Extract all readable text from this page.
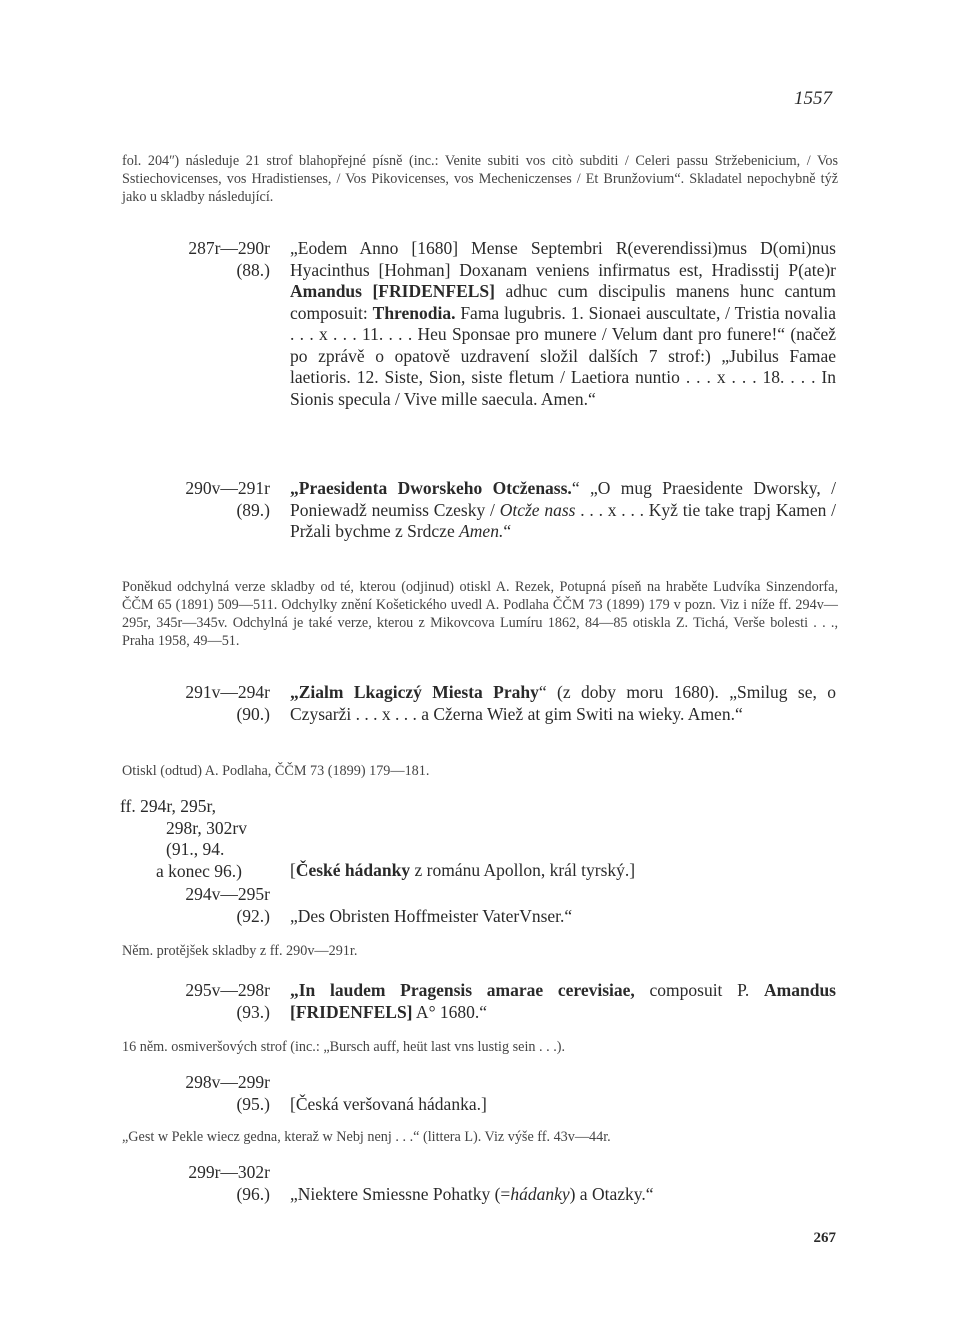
1557
fol. 204ʺ) následuje 21 strof blahopřejné písně (inc.: Venite subiti vos citò subditi / Celeri passu Stržebenicium, / Vos Sstiechovicenses, vos Hradistienses, / Vos Pikovicenses, vos Mecheniczenses / Et Brunžovium“. Skladatel nepochybně týž jako u skladby následující.
287r—290r
(88.)
„Eodem Anno [1680] Mense Septembri R(everendissi)mus D(omi)nus Hyacinthus [Hohman] Doxanam veniens infirmatus est, Hradisstij P(ate)r Amandus [FRIDENFELS] adhuc cum discipulis manens hunc cantum composuit: Threnodia. Fama lugubris. 1. Sionaei auscultate, / Tristia novalia . . . x . . . 11. . . . Heu Sponsae pro munere / Velum dant pro funere!“ (načež po zprávě o opatově uzdravení složil dalších 7 strof:) „Jubilus Famae laetioris. 12. Siste, Sion, siste fletum / Laetiora nuntio . . . x . . . 18. . . . In Sionis specula / Vive mille saecula. Amen.“
290v—291r
(89.)
„Praesidenta Dworskeho Otcženass.“ „O mug Praesidente Dworsky, / Poniewadž neumiss Czesky / Otcže nass . . . x . . . Kyž tie take trapj Kamen / Pržali bychme z Srdcze Amen.“
Poněkud odchylná verze skladby od té, kterou (odjinud) otiskl A. Rezek, Potupná píseň na hraběte Ludvíka Sinzendorfa, ČČM 65 (1891) 509—511. Odchylky znění Košetického uvedl A. Podlaha ČČM 73 (1899) 179 v pozn. Viz i níže ff. 294v—295r, 345r—345v. Odchylná je také verze, kterou z Mikovcova Lumíru 1862, 84—85 otiskla Z. Tichá, Verše bolesti . . ., Praha 1958, 49—51.
291v—294r
(90.)
„Zialm Lkagiczý Miesta Prahy“ (z doby moru 1680). „Smilug se, o Czysarži . . . x . . . a Cžerna Wiež at gim Switi na wieky. Amen.“
Otiskl (odtud) A. Podlaha, ČČM 73 (1899) 179—181.
ff. 294r, 295r,
298r, 302rv
(91., 94.
a konec 96.)	[České hádanky z románu Apollon, král tyrský.]
294v—295r
(92.) „Des Obristen Hoffmeister VaterVnser.“
Něm. protějšek skladby z ff. 290v—291r.
295v—298r
(93.)
„In laudem Pragensis amarae cerevisiae, composuit P. Amandus [FRIDENFELS] A° 1680.“
16 něm. osmiveršových strof (inc.: „Bursch auff, heüt last vns lustig sein . . .).
298v—299r
(95.) [Česká veršovaná hádanka.]
„Gest w Pekle wiecz gedna, kteraž w Nebj nenj . . .“ (littera L). Viz výše ff. 43v—44r.
299r—302r
(96.) „Niektere Smiessne Pohatky (=hádanky) a Otazky.“
267
